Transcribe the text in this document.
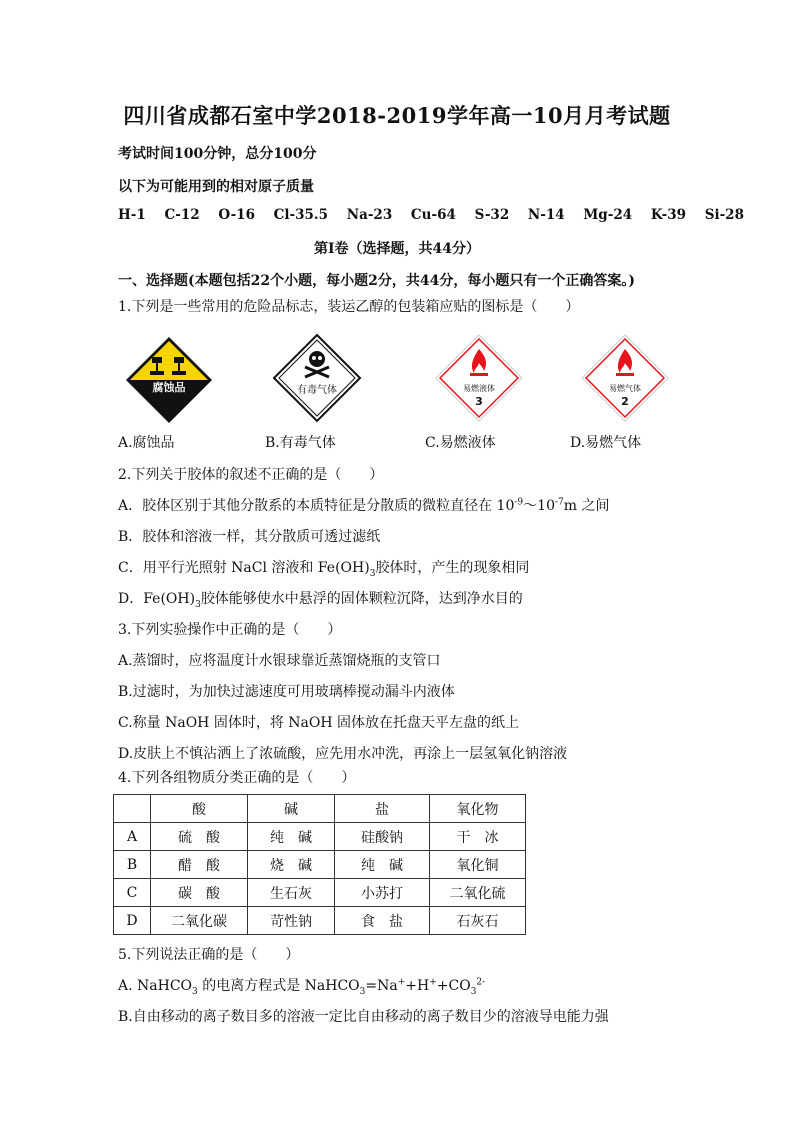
四川省成都石室中学2018-2019学年高一10月月考试题
考试时间100分钟，总分100分
以下为可能用到的相对原子质量
H-1 C-12 O-16 Cl-35.5 Na-23 Cu-64 S-32 N-14 Mg-24 K-39 Si-28
第Ⅰ卷（选择题，共44分）
一、选择题(本题包括22个小题，每小题2分，共44分，每小题只有一个正确答案。)
1.下列是一些常用的危险品标志，装运乙醇的包装箱应贴的图标是（　　）
腐蚀品	有毒气体	易燃液体
3
易燃气体
2
A.腐蚀品	B.有毒气体	C.易燃液体	D.易燃气体
2.下列关于胶体的叙述不正确的是（　　）
A．胶体区别于其他分散系的本质特征是分散质的微粒直径在 $10^{-9}\sim 10^{-7}m$ 之间
B．胶体和溶液一样，其分散质可透过滤纸
C．用平行光照射 NaCl 溶液和 $Fe(OH)_3$胶体时，产生的现象相同
D．$Fe(OH)_3$胶体能够使水中悬浮的固体颗粒沉降，达到净水目的
3.下列实验操作中正确的是（　　）
A.蒸馏时，应将温度计水银球靠近蒸馏烧瓶的支管口
B.过滤时，为加快过滤速度可用玻璃棒搅动漏斗内液体
C.称量 NaOH 固体时，将 NaOH 固体放在托盘天平左盘的纸上
D.皮肤上不慎沾洒上了浓硫酸，应先用水冲洗，再涂上一层氢氧化钠溶液
4.下列各组物质分类正确的是（　　）
	酸	碱	盐	氧化物
A	硫　酸	纯　碱	硅酸钠	干　冰
B	醋　酸	烧　碱	纯　碱	氧化铜
C	碳　酸	生石灰	小苏打	二氧化硫
D	二氧化碳	苛性钠	食　盐	石灰石
5.下列说法正确的是（　　）
A. NaHCO$_3$ 的电离方程式是 $NaHCO_3=Na^++H^++CO_3^{2-}$
B.自由移动的离子数目多的溶液一定比自由移动的离子数目少的溶液导电能力强
